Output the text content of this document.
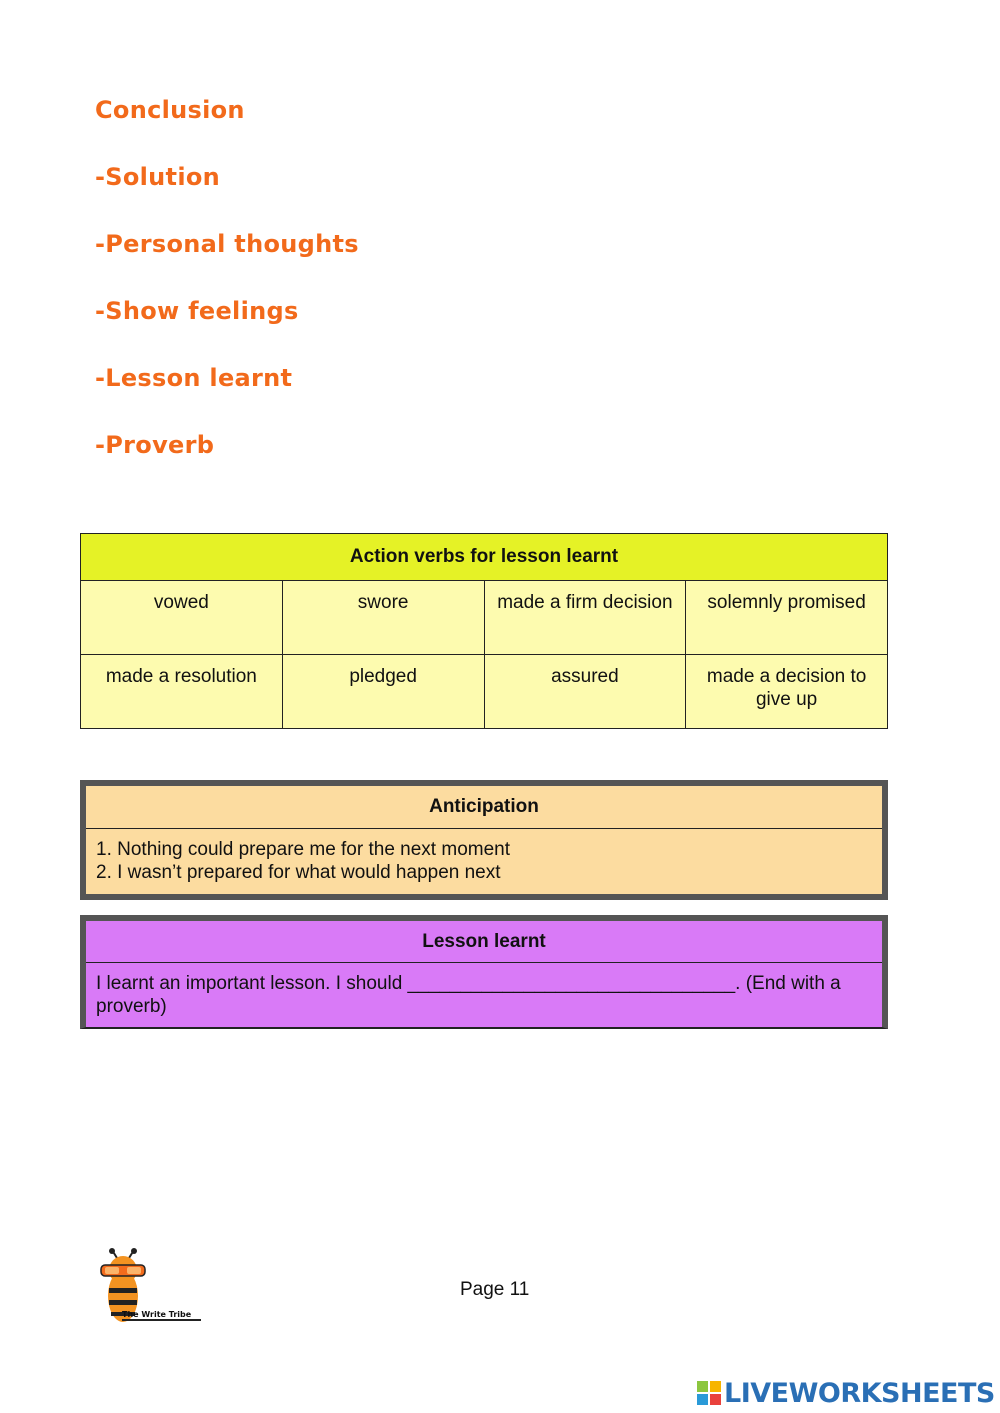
Conclusion
-Solution
-Personal thoughts
-Show feelings
-Lesson learnt
-Proverb
Action verbs for lesson learnt			
vowed	swore	made a firm decision	solemnly promised
made a resolution	pledged	assured	made a decision to give up
Anticipation
1. Nothing could prepare me for the next moment
2. I wasn’t prepared for what would happen next
Lesson learnt
I learnt an important lesson. I should _______________________________. (End with a proverb)
The Write Tribe
Page 11
LIVEWORKSHEETS
